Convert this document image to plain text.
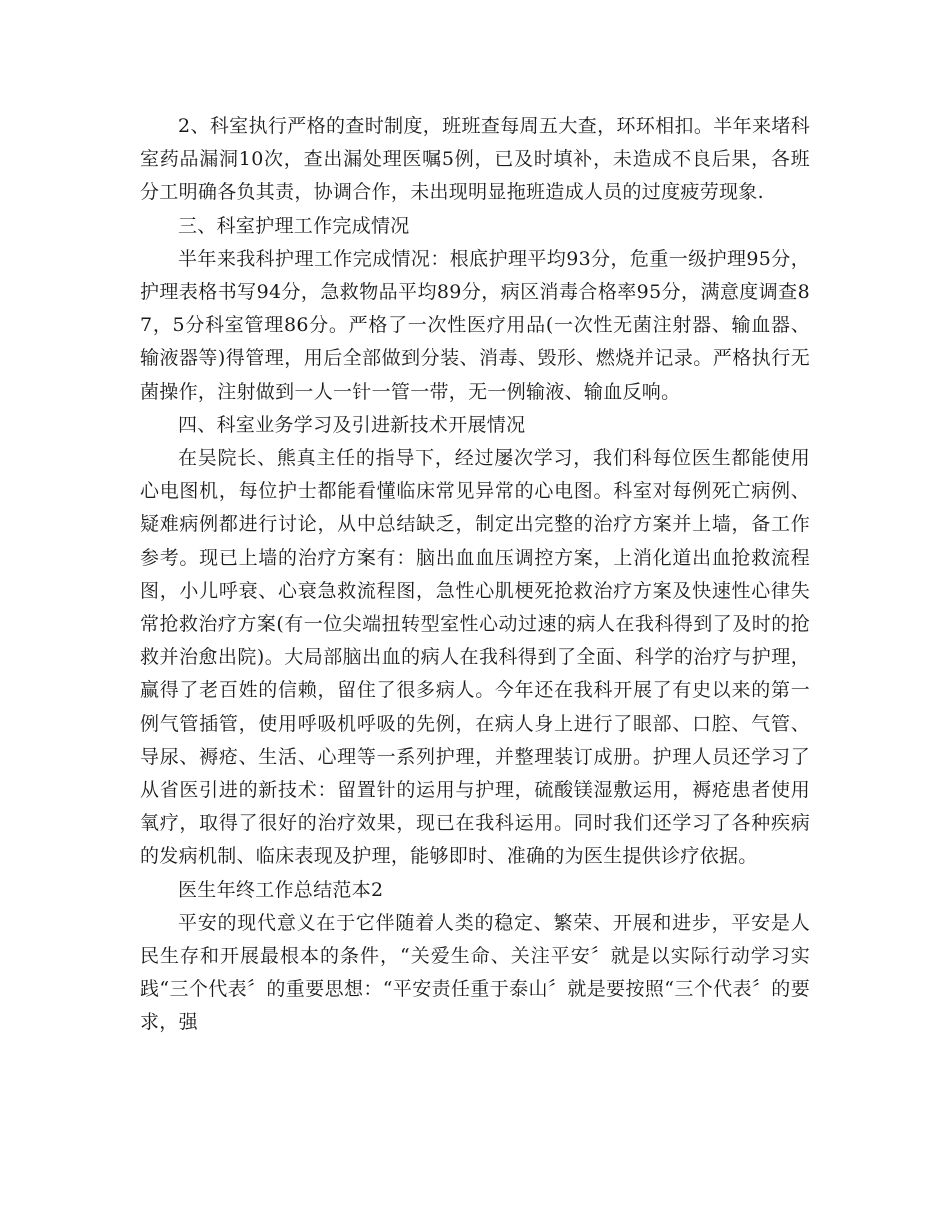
2、科室执行严格的查时制度，班班查每周五大查，环环相扣。半年来堵科室药品漏洞10次，查出漏处理医嘱5例，已及时填补，未造成不良后果，各班分工明确各负其责，协调合作，未出现明显拖班造成人员的过度疲劳现象.

三、科室护理工作完成情况

半年来我科护理工作完成情况：根底护理平均93分，危重一级护理95分，护理表格书写94分，急救物品平均89分，病区消毒合格率95分，满意度调查87，5分科室管理86分。严格了一次性医疗用品(一次性无菌注射器、输血器、输液器等)得管理，用后全部做到分装、消毒、毁形、燃烧并记录。严格执行无菌操作，注射做到一人一针一管一带，无一例输液、输血反响。

四、科室业务学习及引进新技术开展情况

在吴院长、熊真主任的指导下，经过屡次学习，我们科每位医生都能使用心电图机，每位护士都能看懂临床常见异常的心电图。科室对每例死亡病例、疑难病例都进行讨论，从中总结缺乏，制定出完整的治疗方案并上墙，备工作参考。现已上墙的治疗方案有：脑出血血压调控方案，上消化道出血抢救流程图，小儿呼衰、心衰急救流程图，急性心肌梗死抢救治疗方案及快速性心律失常抢救治疗方案(有一位尖端扭转型室性心动过速的病人在我科得到了及时的抢救并治愈出院)。大局部脑出血的病人在我科得到了全面、科学的治疗与护理，赢得了老百姓的信赖，留住了很多病人。今年还在我科开展了有史以来的第一例气管插管，使用呼吸机呼吸的先例，在病人身上进行了眼部、口腔、气管、导尿、褥疮、生活、心理等一系列护理，并整理装订成册。护理人员还学习了从省医引进的新技术：留置针的运用与护理，硫酸镁湿敷运用，褥疮患者使用氧疗，取得了很好的治疗效果，现已在我科运用。同时我们还学习了各种疾病的发病机制、临床表现及护理，能够即时、准确的为医生提供诊疗依据。

医生年终工作总结范本2

平安的现代意义在于它伴随着人类的稳定、繁荣、开展和进步，平安是人民生存和开展最根本的条件，“关爱生命、关注平安〞就是以实际行动学习实践“三个代表〞的重要思想：“平安责任重于泰山〞就是要按照“三个代表〞的要求，强
